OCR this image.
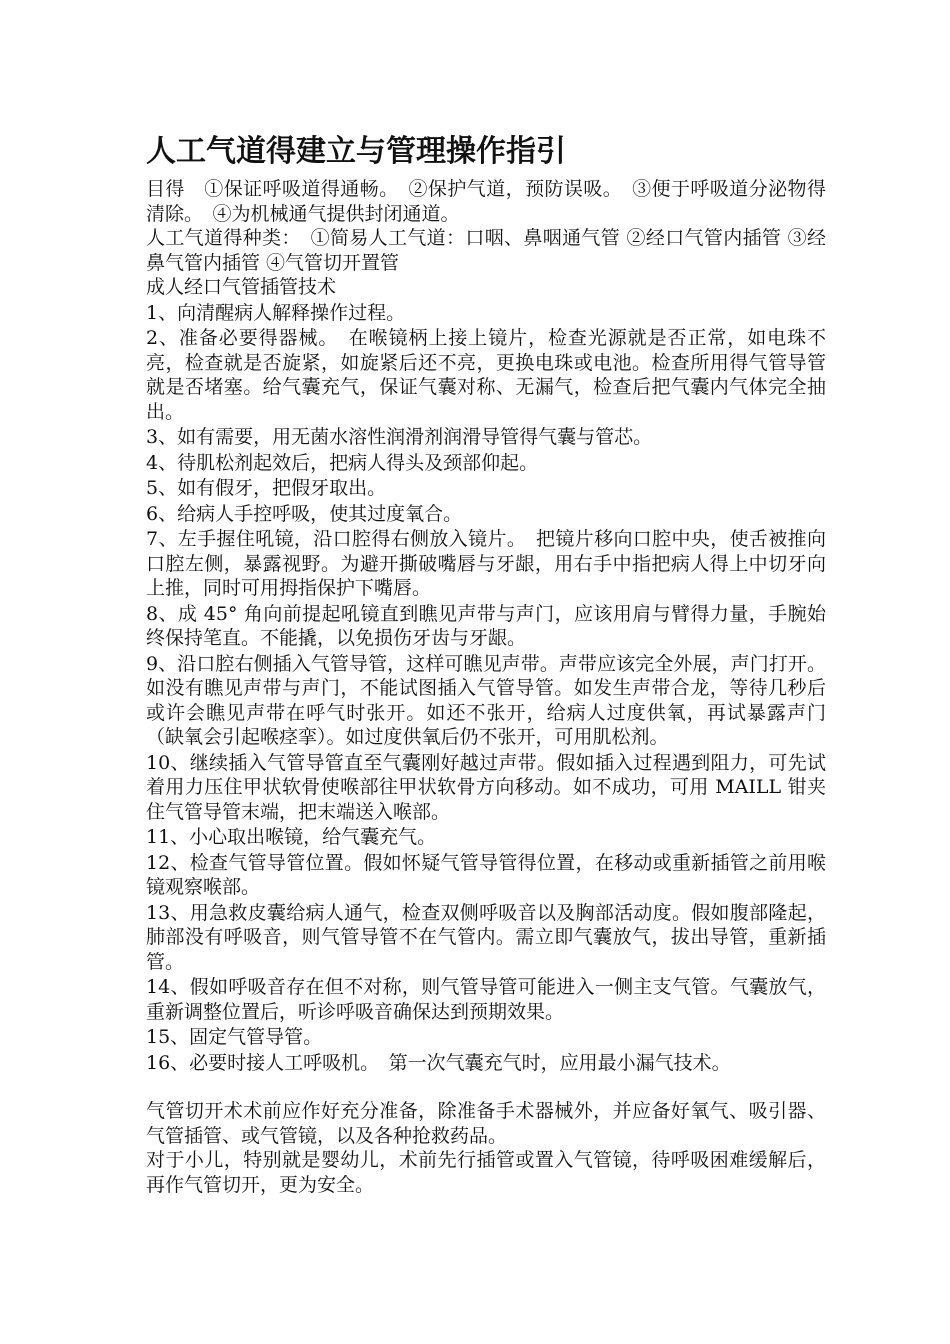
人工气道得建立与管理操作指引

目得　①保证呼吸道得通畅。　②保护气道，预防误吸。　③便于呼吸道分泌物得清除。　④为机械通气提供封闭通道。

人工气道得种类：　①简易人工气道：口咽、鼻咽通气管 ②经口气管内插管 ③经鼻气管内插管 ④气管切开置管

成人经口气管插管技术

1、向清醒病人解释操作过程。

2、准备必要得器械。　在喉镜柄上接上镜片，检查光源就是否正常，如电珠不亮，检查就是否旋紧，如旋紧后还不亮，更换电珠或电池。检查所用得气管导管就是否堵塞。给气囊充气，保证气囊对称、无漏气，检查后把气囊内气体完全抽出。

3、如有需要，用无菌水溶性润滑剂润滑导管得气囊与管芯。

4、待肌松剂起效后，把病人得头及颈部仰起。

5、如有假牙，把假牙取出。

6、给病人手控呼吸，使其过度氧合。

7、左手握住吼镜，沿口腔得右侧放入镜片。　把镜片移向口腔中央，使舌被推向口腔左侧，暴露视野。为避开撕破嘴唇与牙龈，用右手中指把病人得上中切牙向上推，同时可用拇指保护下嘴唇。

8、成 45° 角向前提起吼镜直到瞧见声带与声门，应该用肩与臂得力量，手腕始终保持笔直。不能撬，以免损伤牙齿与牙龈。

9、沿口腔右侧插入气管导管，这样可瞧见声带。声带应该完全外展，声门打开。如没有瞧见声带与声门，不能试图插入气管导管。如发生声带合龙，等待几秒后或许会瞧见声带在呼气时张开。如还不张开，给病人过度供氧，再试暴露声门（缺氧会引起喉痉挛）。如过度供氧后仍不张开，可用肌松剂。

10、继续插入气管导管直至气囊刚好越过声带。假如插入过程遇到阻力，可先试着用力压住甲状软骨使喉部往甲状软骨方向移动。如不成功，可用 MAILL 钳夹住气管导管末端，把末端送入喉部。

11、小心取出喉镜，给气囊充气。

12、检查气管导管位置。假如怀疑气管导管得位置，在移动或重新插管之前用喉镜观察喉部。

13、用急救皮囊给病人通气，检查双侧呼吸音以及胸部活动度。假如腹部隆起，肺部没有呼吸音，则气管导管不在气管内。需立即气囊放气，拔出导管，重新插管。

14、假如呼吸音存在但不对称，则气管导管可能进入一侧主支气管。气囊放气，重新调整位置后，听诊呼吸音确保达到预期效果。

15、固定气管导管。

16、必要时接人工呼吸机。　第一次气囊充气时，应用最小漏气技术。

气管切开术术前应作好充分准备，除准备手术器械外，并应备好氧气、吸引器、气管插管、或气管镜，以及各种抢救药品。

对于小儿，特别就是婴幼儿，术前先行插管或置入气管镜，待呼吸困难缓解后，再作气管切开，更为安全。
